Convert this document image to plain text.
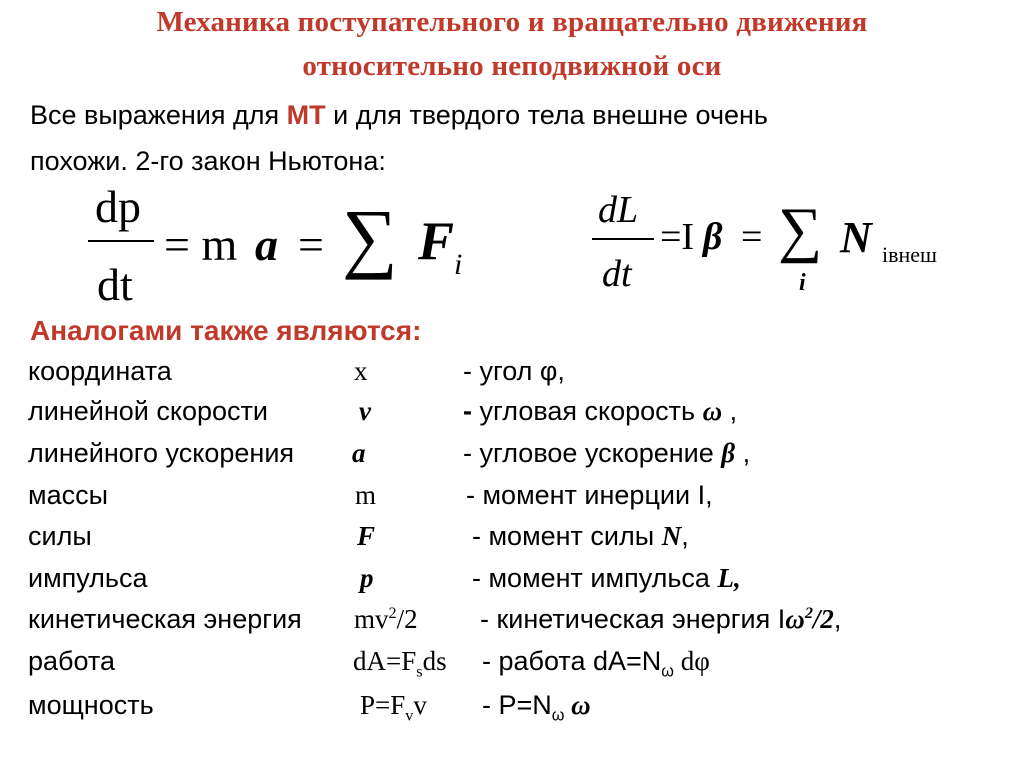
Механика поступательного и вращательно движения
относительно неподвижной оси
Все выражения для МТ и для твердого тела внешне очень
похожи. 2-го закон Ньютона:
dp
dt
= m a = ∑ F i
dL
dt
=I β = ∑
i
N iвнеш
Аналогами также являются:
координата	x	- угол φ,
линейной скорости	v	- угловая скорость ω ,
линейного ускорения a	- угловое ускорение β ,
массы	m	- момент инерции I,
силы	F	- момент силы N,
импульса	p	- момент импульса L,
кинетическая энергия $mv^2/2$ - кинетическая энергия $I\omega^2/2$,
работа	$dA=F_sds$ - работа $dA=N_\omega$ dφ
мощность	$P=F_vv - P=N_\omega$ ω
